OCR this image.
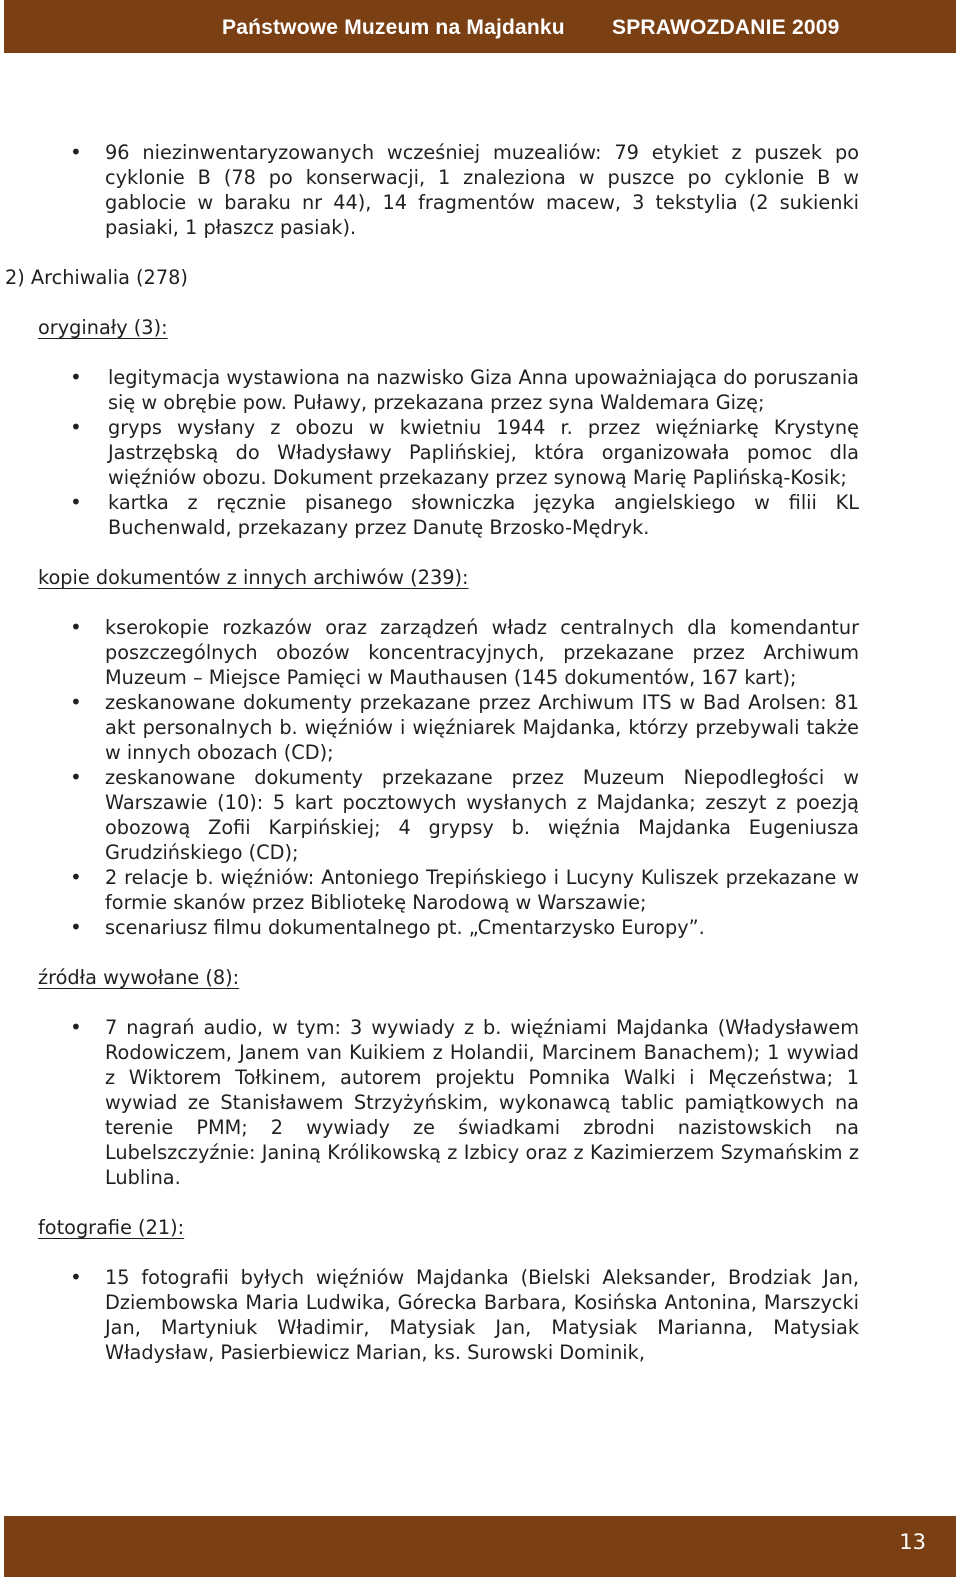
Państwowe Muzeum na Majdanku SPRAWOZDANIE 2009
• 96 niezinwentaryzowanych wcześniej muzealiów: 79 etykiet z puszek po cyklonie B (78 po konserwacji, 1 znaleziona w puszce po cyklonie B w gablocie w baraku nr 44), 14 fragmentów macew, 3 tekstylia (2 sukienki pasiaki, 1 płaszcz pasiak).

2) Archiwalia (278)

oryginały (3):

• legitymacja wystawiona na nazwisko Giza Anna upoważniająca do poruszania się w obrębie pow. Puławy, przekazana przez syna Waldemara Gizę;
• gryps wysłany z obozu w kwietniu 1944 r. przez więźniarkę Krystynę Jastrzębską do Władysławy Paplińskiej, która organizowała pomoc dla więźniów obozu. Dokument przekazany przez synową Marię Paplińską-Kosik;
• kartka z ręcznie pisanego słowniczka języka angielskiego w filii KL Buchenwald, przekazany przez Danutę Brzosko-Mędryk.

kopie dokumentów z innych archiwów (239):

• kserokopie rozkazów oraz zarządzeń władz centralnych dla komendantur poszczególnych obozów koncentracyjnych, przekazane przez Archiwum Muzeum – Miejsce Pamięci w Mauthausen (145 dokumentów, 167 kart);
• zeskanowane dokumenty przekazane przez Archiwum ITS w Bad Arolsen: 81 akt personalnych b. więźniów i więźniarek Majdanka, którzy przebywali także w innych obozach (CD);
• zeskanowane dokumenty przekazane przez Muzeum Niepodległości w Warszawie (10): 5 kart pocztowych wysłanych z Majdanka; zeszyt z poezją obozową Zofii Karpińskiej; 4 grypsy b. więźnia Majdanka Eugeniusza Grudzińskiego (CD);
• 2 relacje b. więźniów: Antoniego Trepińskiego i Lucyny Kuliszek przekazane w formie skanów przez Bibliotekę Narodową w Warszawie;
• scenariusz filmu dokumentalnego pt. „Cmentarzysko Europy”.

źródła wywołane (8):

• 7 nagrań audio, w tym: 3 wywiady z b. więźniami Majdanka (Władysławem Rodowiczem, Janem van Kuikiem z Holandii, Marcinem Banachem); 1 wywiad z Wiktorem Tołkinem, autorem projektu Pomnika Walki i Męczeństwa; 1 wywiad ze Stanisławem Strzyżyńskim, wykonawcą tablic pamiątkowych na terenie PMM; 2 wywiady ze świadkami zbrodni nazistowskich na Lubelszczyźnie: Janiną Królikowską z Izbicy oraz z Kazimierzem Szymańskim z Lublina.

fotografie (21):

• 15 fotografii byłych więźniów Majdanka (Bielski Aleksander, Brodziak Jan, Dziembowska Maria Ludwika, Górecka Barbara, Kosińska Antonina, Marszycki Jan, Martyniuk Władimir, Matysiak Jan, Matysiak Marianna, Matysiak Władysław, Pasierbiewicz Marian, ks. Surowski Dominik,
13
